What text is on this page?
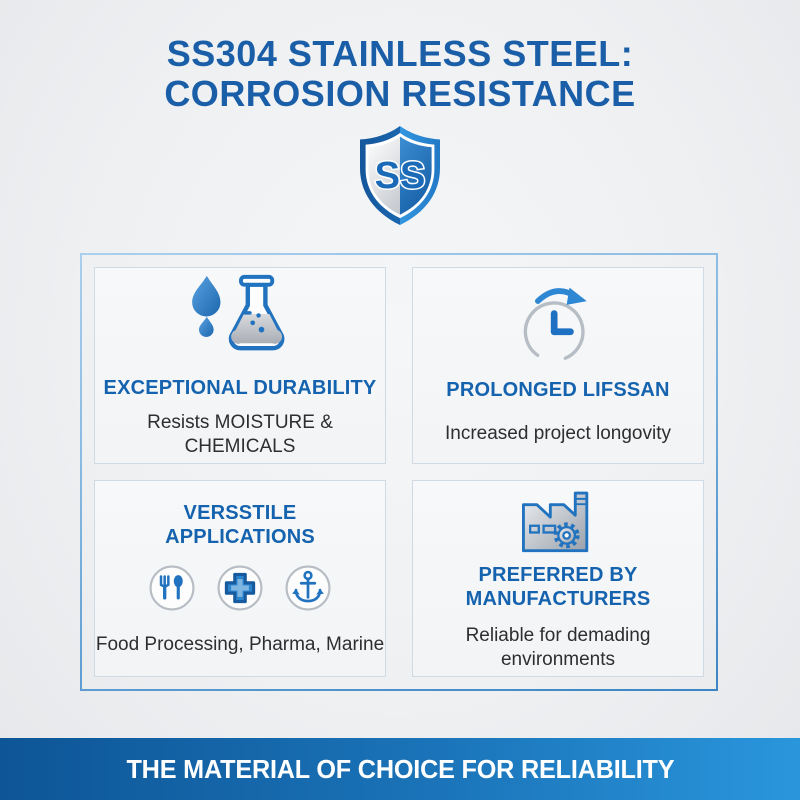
SS304 STAINLESS STEEL:
CORROSION RESISTANCE
SS
EXCEPTIONAL DURABILITY
Resists MOISTURE & CHEMICALS
PROLONGED LIFSSAN
Increased project longovity
VERSSTILE APPLICATIONS
Food Processing, Pharma, Marine
PREFERRED BY MANUFACTURERS
Reliable for demading environments
THE MATERIAL OF CHOICE FOR RELIABILITY
